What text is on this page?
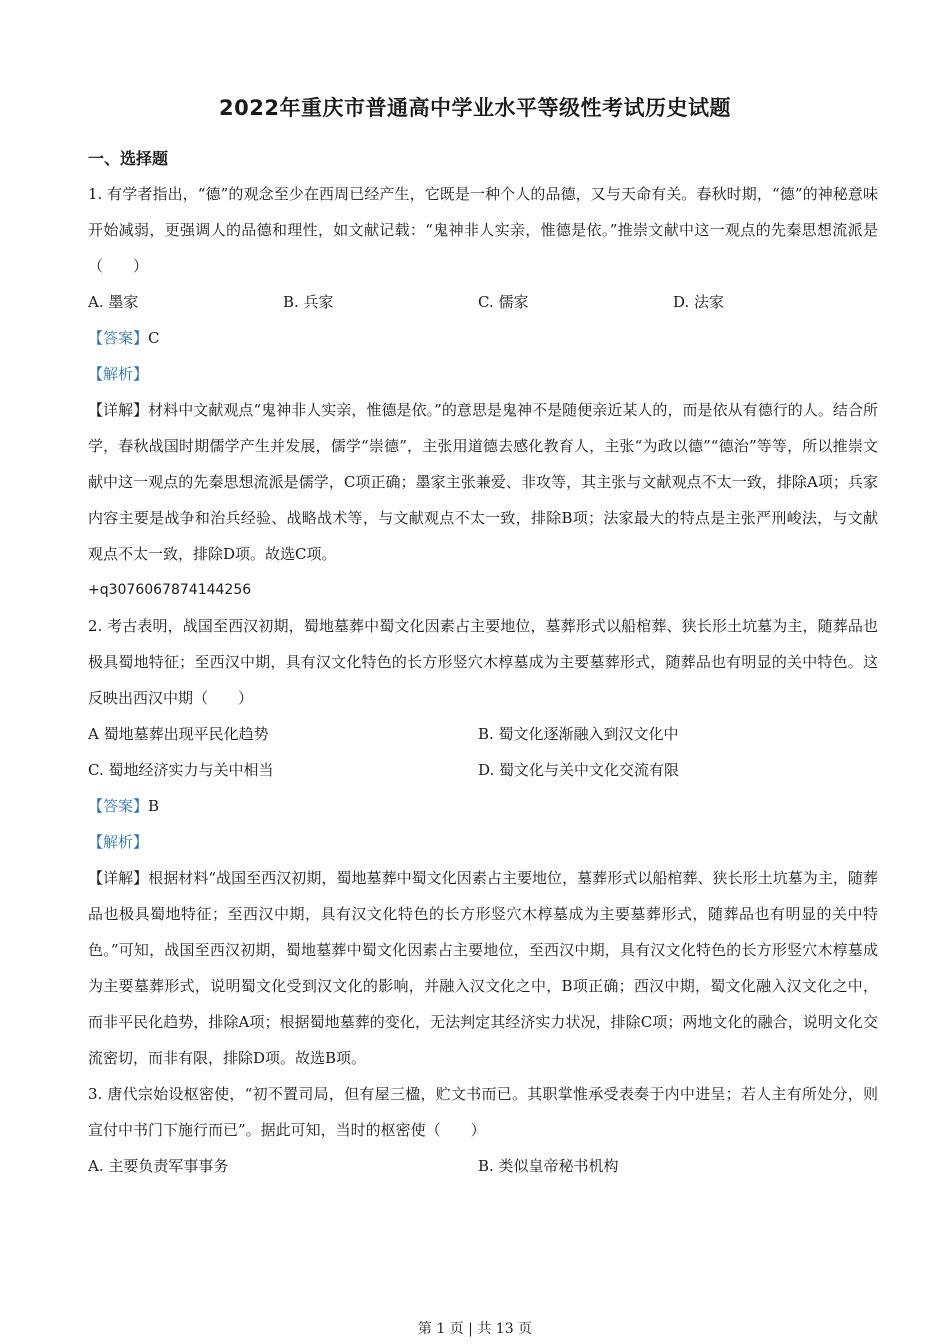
2022年重庆市普通高中学业水平等级性考试历史试题
一、选择题

1. 有学者指出，“德”的观念至少在西周已经产生，它既是一种个人的品德，又与天命有关。春秋时期，“德”的神秘意味开始减弱，更强调人的品德和理性，如文献记载：“鬼神非人实亲，惟德是依。”推崇文献中这一观点的先秦思想流派是（　　）

A. 墨家	B. 兵家	C. 儒家	D. 法家

【答案】C

【解析】

【详解】材料中文献观点“鬼神非人实亲，惟德是依。”的意思是鬼神不是随便亲近某人的，而是依从有德行的人。结合所学，春秋战国时期儒学产生并发展，儒学“崇德”，主张用道德去感化教育人，主张“为政以德”“德治”等等，所以推崇文献中这一观点的先秦思想流派是儒学，C项正确；墨家主张兼爱、非攻等，其主张与文献观点不太一致，排除A项；兵家内容主要是战争和治兵经验、战略战术等，与文献观点不太一致，排除B项；法家最大的特点是主张严刑峻法，与文献观点不太一致，排除D项。故选C项。

+q3076067874144256

2. 考古表明，战国至西汉初期，蜀地墓葬中蜀文化因素占主要地位，墓葬形式以船棺葬、狭长形土坑墓为主，随葬品也极具蜀地特征；至西汉中期，具有汉文化特色的长方形竖穴木椁墓成为主要墓葬形式，随葬品也有明显的关中特色。这反映出西汉中期（　　）

A 蜀地墓葬出现平民化趋势	B. 蜀文化逐渐融入到汉文化中
C. 蜀地经济实力与关中相当	D. 蜀文化与关中文化交流有限

【答案】B

【解析】

【详解】根据材料“战国至西汉初期，蜀地墓葬中蜀文化因素占主要地位，墓葬形式以船棺葬、狭长形土坑墓为主，随葬品也极具蜀地特征；至西汉中期，具有汉文化特色的长方形竖穴木椁墓成为主要墓葬形式，随葬品也有明显的关中特色。”可知，战国至西汉初期，蜀地墓葬中蜀文化因素占主要地位，至西汉中期，具有汉文化特色的长方形竖穴木椁墓成为主要墓葬形式，说明蜀文化受到汉文化的影响，并融入汉文化之中，B项正确；西汉中期，蜀文化融入汉文化之中，而非平民化趋势，排除A项；根据蜀地墓葬的变化，无法判定其经济实力状况，排除C项；两地文化的融合，说明文化交流密切，而非有限，排除D项。故选B项。

3. 唐代宗始设枢密使，“初不置司局，但有屋三楹，贮文书而已。其职掌惟承受表奏于内中进呈；若人主有所处分，则宣付中书门下施行而已”。据此可知，当时的枢密使（　　）

A. 主要负责军事事务	B. 类似皇帝秘书机构
第 1 页 | 共 13 页
